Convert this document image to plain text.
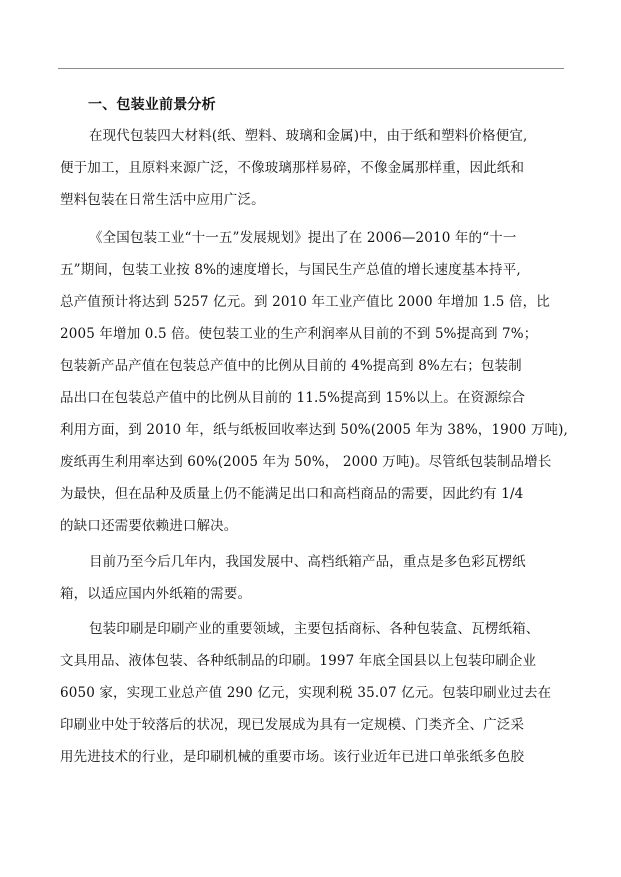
一、包装业前景分析
在现代包装四大材料(纸、塑料、玻璃和金属)中，由于纸和塑料价格便宜,
便于加工，且原料来源广泛，不像玻璃那样易碎，不像金属那样重，因此纸和
塑料包装在日常生活中应用广泛。
《全国包装工业“十一五”发展规划》提出了在 2006—2010 年的“十一
五”期间，包装工业按 8%的速度增长，与国民生产总值的增长速度基本持平,
总产值预计将达到 5257 亿元。到 2010 年工业产值比 2000 年增加 1.5 倍，比
2005 年增加 0.5 倍。使包装工业的生产利润率从目前的不到 5%提高到 7%；
包装新产品产值在包装总产值中的比例从目前的 4%提高到 8%左右；包装制
品出口在包装总产值中的比例从目前的 11.5%提高到 15%以上。在资源综合
利用方面，到 2010 年，纸与纸板回收率达到 50%(2005 年为 38%，1900 万吨),
废纸再生利用率达到 60%(2005 年为 50%， 2000 万吨)。尽管纸包装制品增长
为最快，但在品种及质量上仍不能满足出口和高档商品的需要，因此约有 1/4
的缺口还需要依赖进口解决。
目前乃至今后几年内，我国发展中、高档纸箱产品，重点是多色彩瓦楞纸
箱，以适应国内外纸箱的需要。
包装印刷是印刷产业的重要领域，主要包括商标、各种包装盒、瓦楞纸箱、
文具用品、液体包装、各种纸制品的印刷。1997 年底全国县以上包装印刷企业
6050 家，实现工业总产值 290 亿元，实现利税 35.07 亿元。包装印刷业过去在
印刷业中处于较落后的状况，现已发展成为具有一定规模、门类齐全、广泛采
用先进技术的行业，是印刷机械的重要市场。该行业近年已进口单张纸多色胶
